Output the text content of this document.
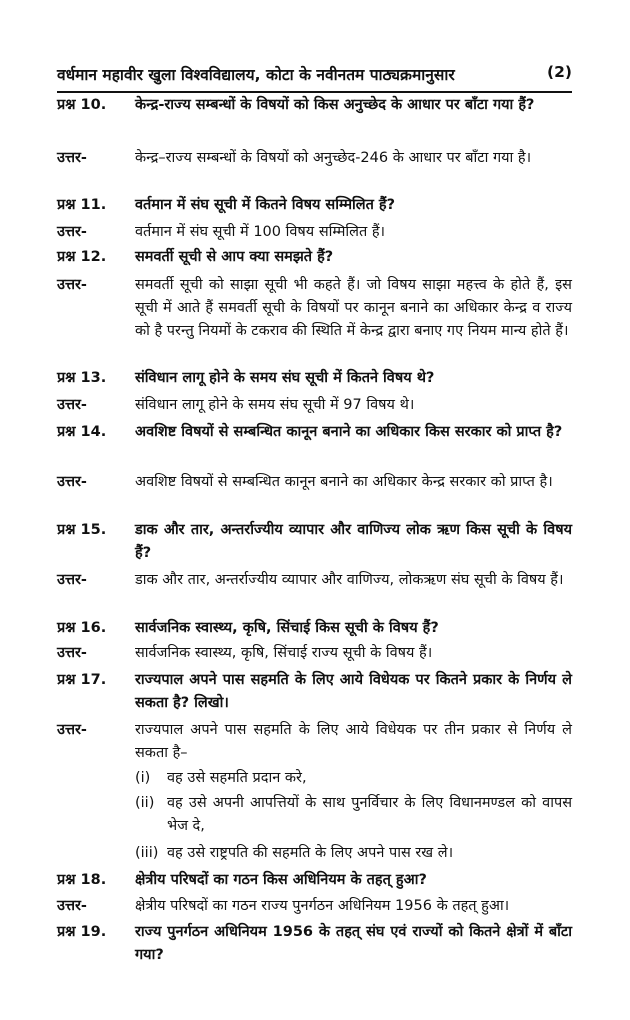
वर्धमान महावीर खुला विश्वविद्यालय, कोटा के नवीनतम पाठ्यक्रमानुसार	(2)
प्रश्न 10.	केन्द्र-राज्य सम्बन्धों के विषयों को किस अनुच्छेद के आधार पर बाँटा गया हैं?
उत्तर-	केन्द्र–राज्य सम्बन्धों के विषयों को अनुच्छेद-246 के आधार पर बाँटा गया है।
प्रश्न 11.	वर्तमान में संघ सूची में कितने विषय सम्मिलित हैं?
उत्तर-	वर्तमान में संघ सूची में 100 विषय सम्मिलित हैं।
प्रश्न 12.	समवर्ती सूची से आप क्या समझते हैं?
उत्तर-	समवर्ती सूची को साझा सूची भी कहते हैं। जो विषय साझा महत्त्व के होते हैं, इस सूची में आते हैं समवर्ती सूची के विषयों पर कानून बनाने का अधिकार केन्द्र व राज्य को है परन्तु नियमों के टकराव की स्थिति में केन्द्र द्वारा बनाए गए नियम मान्य होते हैं।
प्रश्न 13.	संविधान लागू होने के समय संघ सूची में कितने विषय थे?
उत्तर-	संविधान लागू होने के समय संघ सूची में 97 विषय थे।
प्रश्न 14.	अवशिष्ट विषयों से सम्बन्धित कानून बनाने का अधिकार किस सरकार को प्राप्त है?
उत्तर-	अवशिष्ट विषयों से सम्बन्धित कानून बनाने का अधिकार केन्द्र सरकार को प्राप्त है।
प्रश्न 15.	डाक और तार, अन्तर्राज्यीय व्यापार और वाणिज्य लोक ऋण किस सूची के विषय हैं?
उत्तर-	डाक और तार, अन्तर्राज्यीय व्यापार और वाणिज्य, लोकऋण संघ सूची के विषय हैं।
प्रश्न 16.	सार्वजनिक स्वास्थ्य, कृषि, सिंचाई किस सूची के विषय हैं?
उत्तर-	सार्वजनिक स्वास्थ्य, कृषि, सिंचाई राज्य सूची के विषय हैं।
प्रश्न 17.	राज्यपाल अपने पास सहमति के लिए आये विधेयक पर कितने प्रकार के निर्णय ले सकता है? लिखो।
उत्तर-	राज्यपाल अपने पास सहमति के लिए आये विधेयक पर तीन प्रकार से निर्णय ले सकता है–
(i)	वह उसे सहमति प्रदान करे,
(ii) वह उसे अपनी आपत्तियों के साथ पुनर्विचार के लिए विधानमण्डल को वापस भेज दे,
(iii) वह उसे राष्ट्रपति की सहमति के लिए अपने पास रख ले।
प्रश्न 18.	क्षेत्रीय परिषदों का गठन किस अधिनियम के तहत् हुआ?
उत्तर-	क्षेत्रीय परिषदों का गठन राज्य पुनर्गठन अधिनियम 1956 के तहत् हुआ।
प्रश्न 19.	राज्य पुनर्गठन अधिनियम 1956 के तहत् संघ एवं राज्यों को कितने क्षेत्रों में बाँटा गया?
